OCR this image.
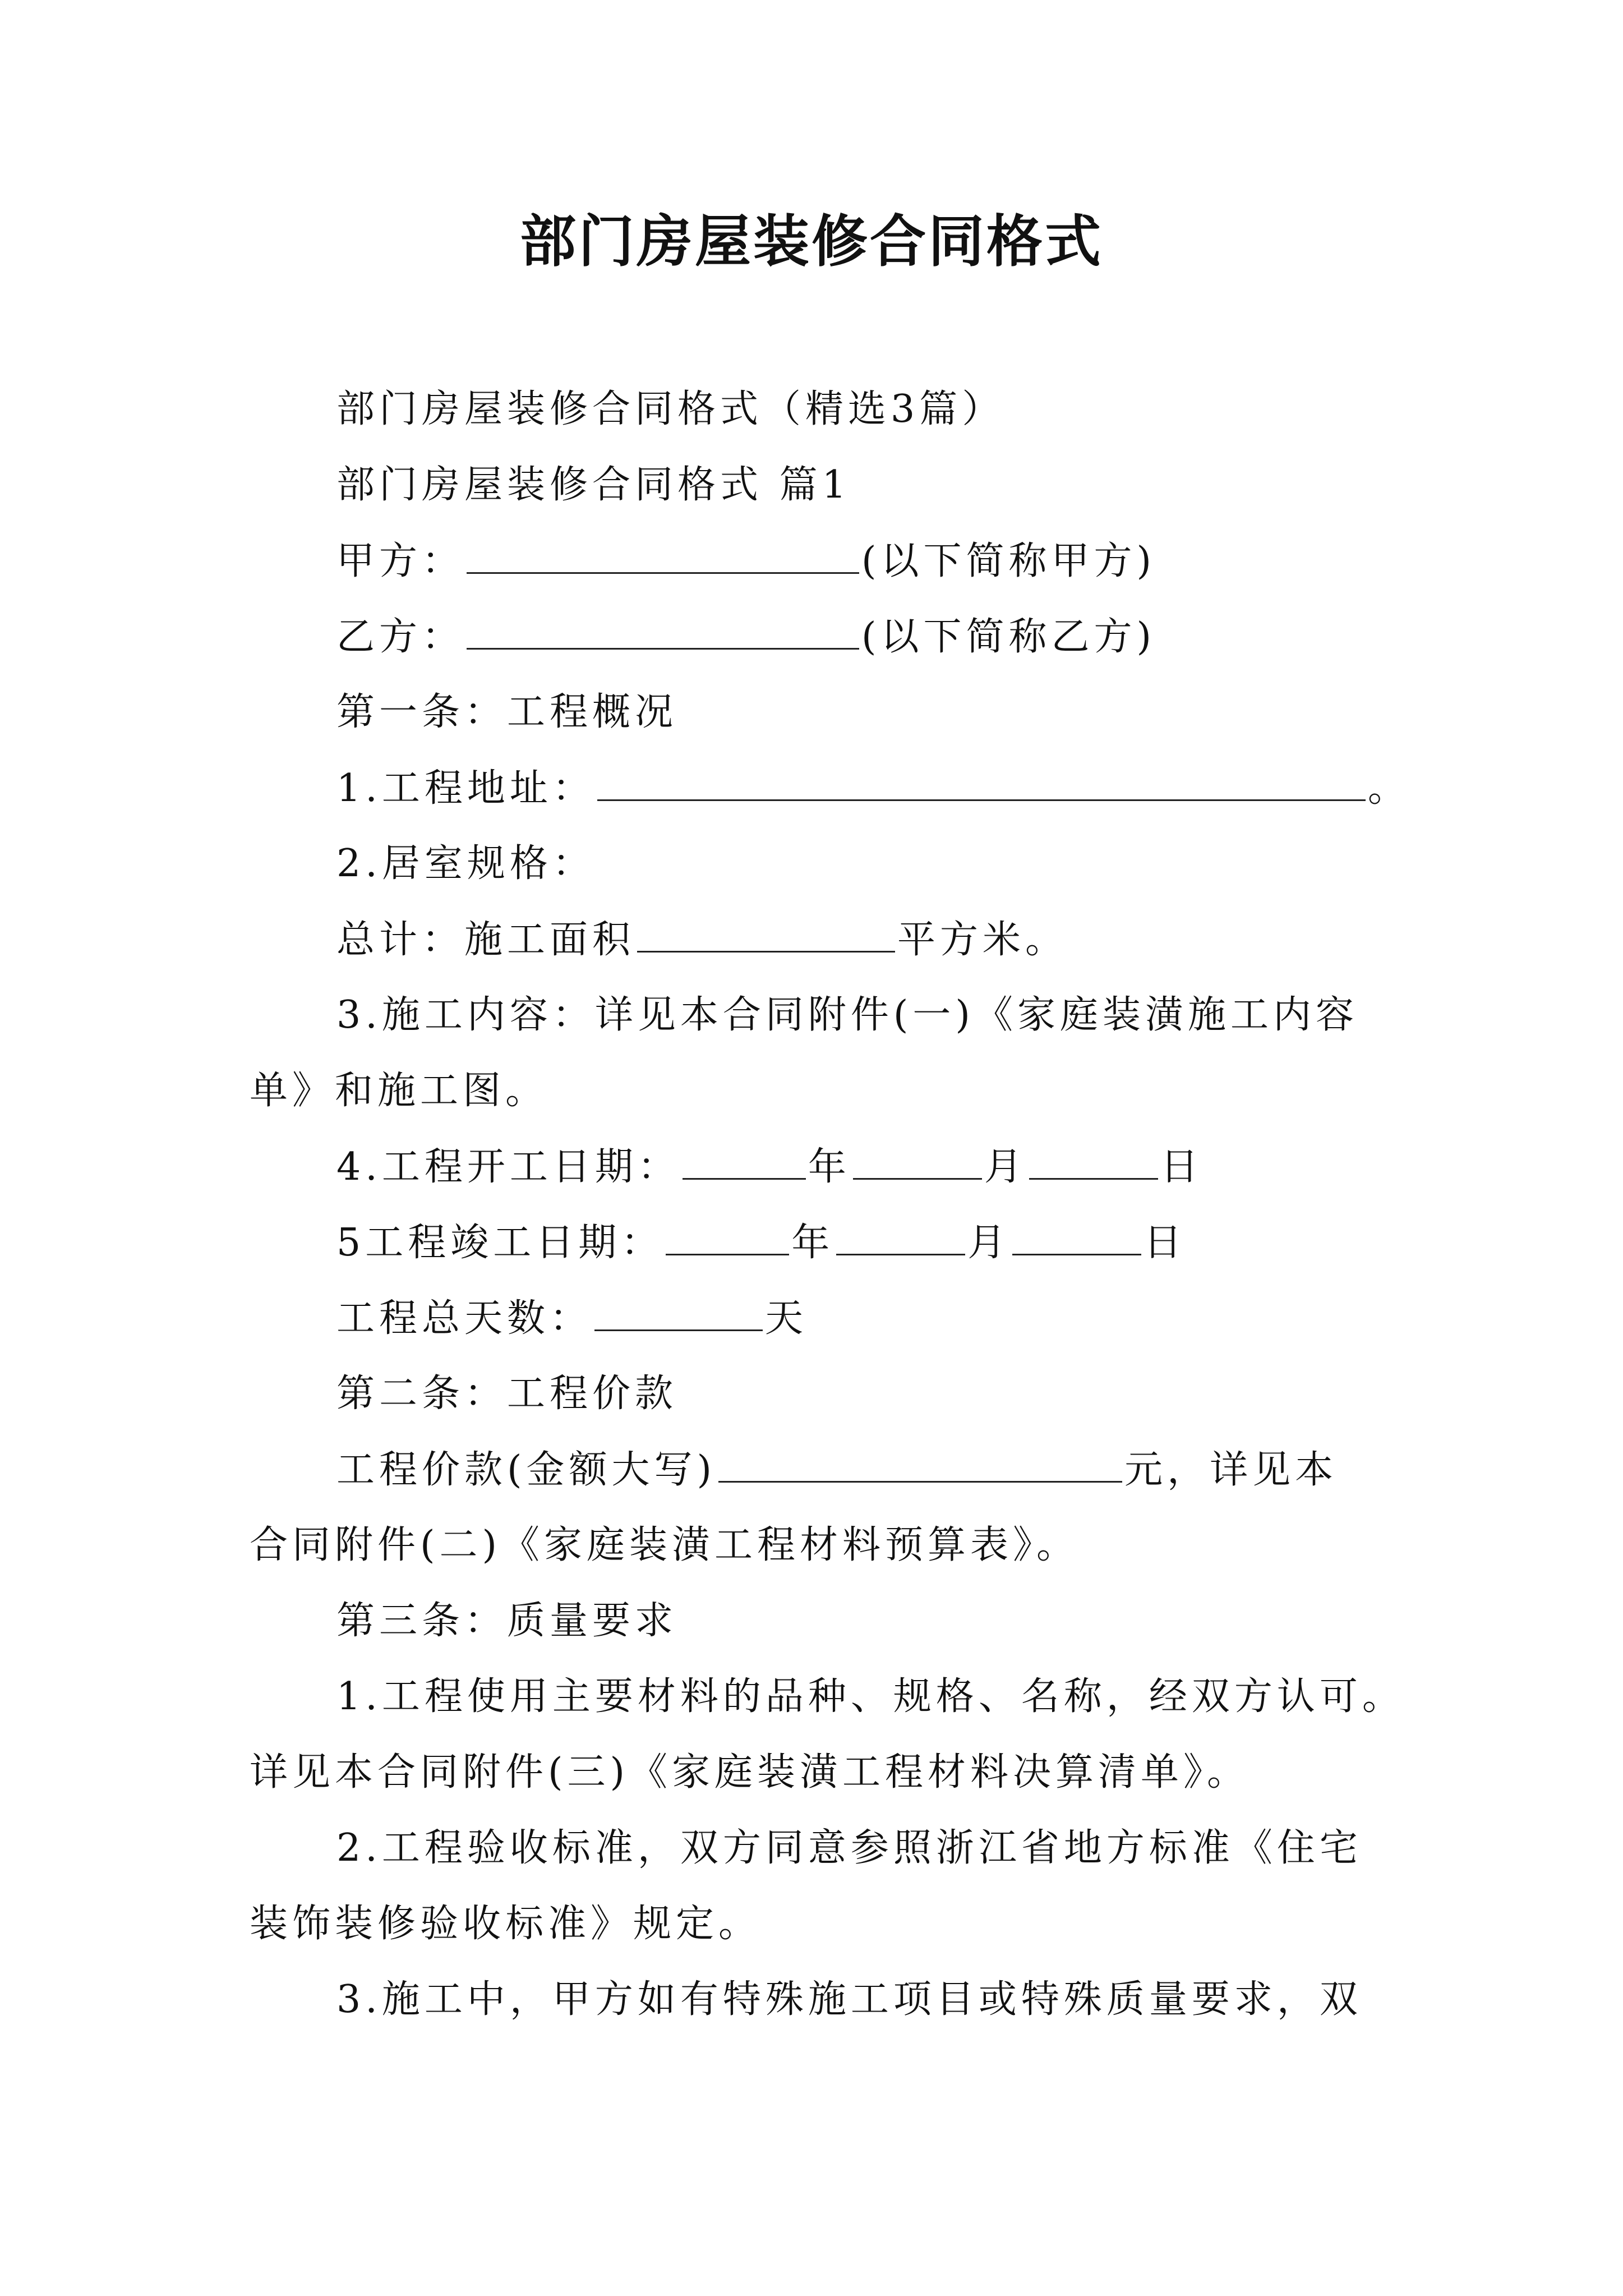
部门房屋装修合同格式
部门房屋装修合同格式（精选3篇）
部门房屋装修合同格式 篇1
甲方：	(以下简称甲方)
乙方：	(以下简称乙方)
第一条：工程概况
1.工程地址：	。
2.居室规格：
总计：施工面积	平方米。
3.施工内容：详见本合同附件(一)《家庭装潢施工内容
单》和施工图。
4.工程开工日期：	年	月	日
5工程竣工日期：	年	月	日
工程总天数：	天
第二条：工程价款
工程价款(金额大写)	元，详见本
合同附件(二)《家庭装潢工程材料预算表》。
第三条：质量要求
1.工程使用主要材料的品种、规格、名称，经双方认可。
详见本合同附件(三)《家庭装潢工程材料决算清单》。
2.工程验收标准，双方同意参照浙江省地方标准《住宅
装饰装修验收标准》规定。
3.施工中，甲方如有特殊施工项目或特殊质量要求，双
